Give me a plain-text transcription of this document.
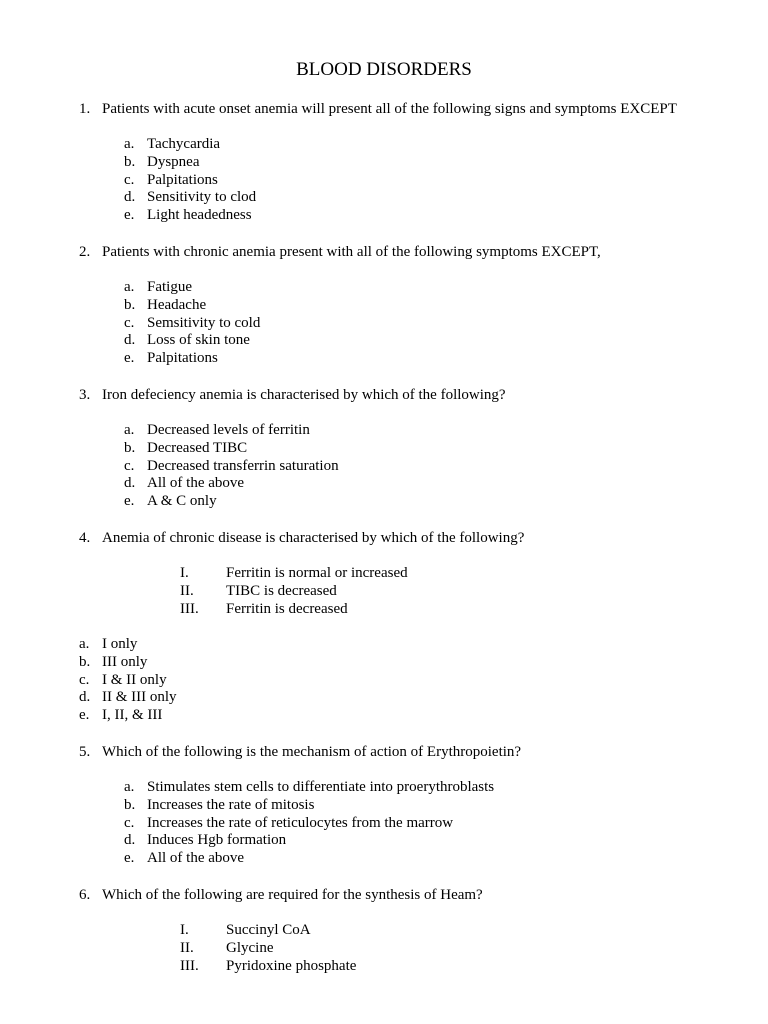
BLOOD DISORDERS
1. Patients with acute onset anemia will present all of the following signs and symptoms EXCEPT
a. Tachycardia
b. Dyspnea
c. Palpitations
d. Sensitivity to clod
e. Light headedness
2. Patients with chronic anemia present with all of the following symptoms EXCEPT,
a. Fatigue
b. Headache
c. Semsitivity to cold
d. Loss of skin tone
e. Palpitations
3. Iron defeciency anemia is characterised by which of the following?
a. Decreased levels of ferritin
b. Decreased TIBC
c. Decreased transferrin saturation
d. All of the above
e. A & C only
4. Anemia of chronic disease is characterised by which of the following?
I. Ferritin is normal or increased
II. TIBC is decreased
III. Ferritin is decreased
a. I only
b. III only
c. I & II only
d. II & III only
e. I, II, & III
5. Which of the following is the mechanism of action of Erythropoietin?
a. Stimulates stem cells to differentiate into proerythroblasts
b. Increases the rate of mitosis
c. Increases the rate of reticulocytes from the marrow
d. Induces Hgb formation
e. All of the above
6. Which of the following are required for the synthesis of Heam?
I. Succinyl CoA
II. Glycine
III. Pyridoxine phosphate
